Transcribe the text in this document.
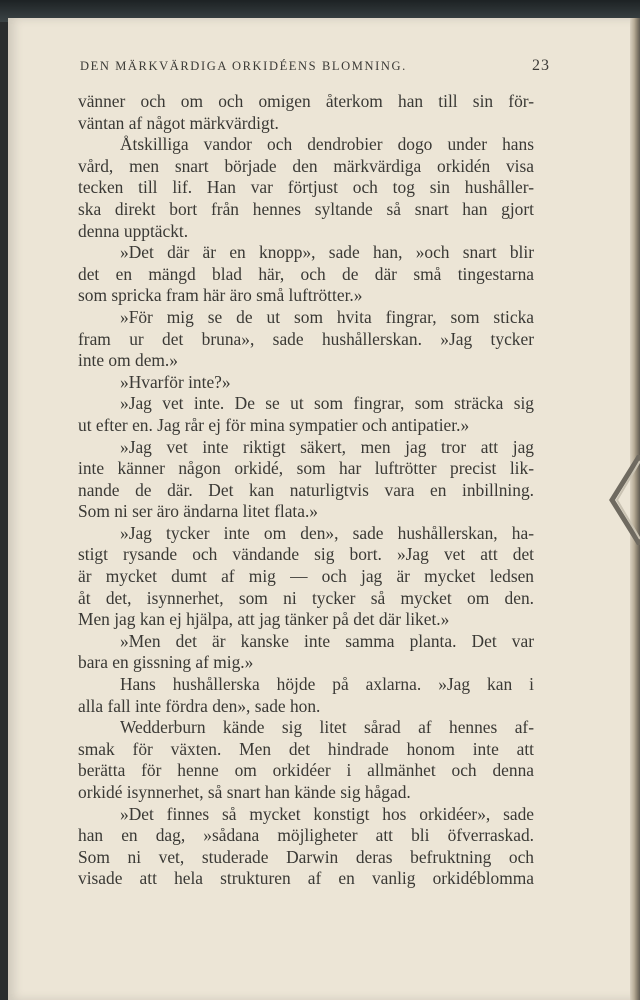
DEN MÄRKVÄRDIGA ORKIDÉENS BLOMNING.	23
vänner och om och omigen återkom han till sin för-
väntan af något märkvärdigt.
Åtskilliga vandor och dendrobier dogo under hans
vård, men snart började den märkvärdiga orkidén visa
tecken till lif. Han var förtjust och tog sin hushåller-
ska direkt bort från hennes syltande så snart han gjort
denna upptäckt.
»Det där är en knopp», sade han, »och snart blir
det en mängd blad här, och de där små tingestarna
som spricka fram här äro små luftrötter.»
»För mig se de ut som hvita fingrar, som sticka
fram ur det bruna», sade hushållerskan. »Jag tycker
inte om dem.»
»Hvarför inte?»
»Jag vet inte. De se ut som fingrar, som sträcka sig
ut efter en. Jag rår ej för mina sympatier och antipatier.»
»Jag vet inte riktigt säkert, men jag tror att jag
inte känner någon orkidé, som har luftrötter precist lik-
nande de där. Det kan naturligtvis vara en inbillning.
Som ni ser äro ändarna litet flata.»
»Jag tycker inte om den», sade hushållerskan, ha-
stigt rysande och vändande sig bort. »Jag vet att det
är mycket dumt af mig — och jag är mycket ledsen
åt det, isynnerhet, som ni tycker så mycket om den.
Men jag kan ej hjälpa, att jag tänker på det där liket.»
»Men det är kanske inte samma planta. Det var
bara en gissning af mig.»
Hans hushållerska höjde på axlarna. »Jag kan i
alla fall inte fördra den», sade hon.
Wedderburn kände sig litet sårad af hennes af-
smak för växten. Men det hindrade honom inte att
berätta för henne om orkidéer i allmänhet och denna
orkidé isynnerhet, så snart han kände sig hågad.
»Det finnes så mycket konstigt hos orkidéer», sade
han en dag, »sådana möjligheter att bli öfverraskad.
Som ni vet, studerade Darwin deras befruktning och
visade att hela strukturen af en vanlig orkidéblomma
